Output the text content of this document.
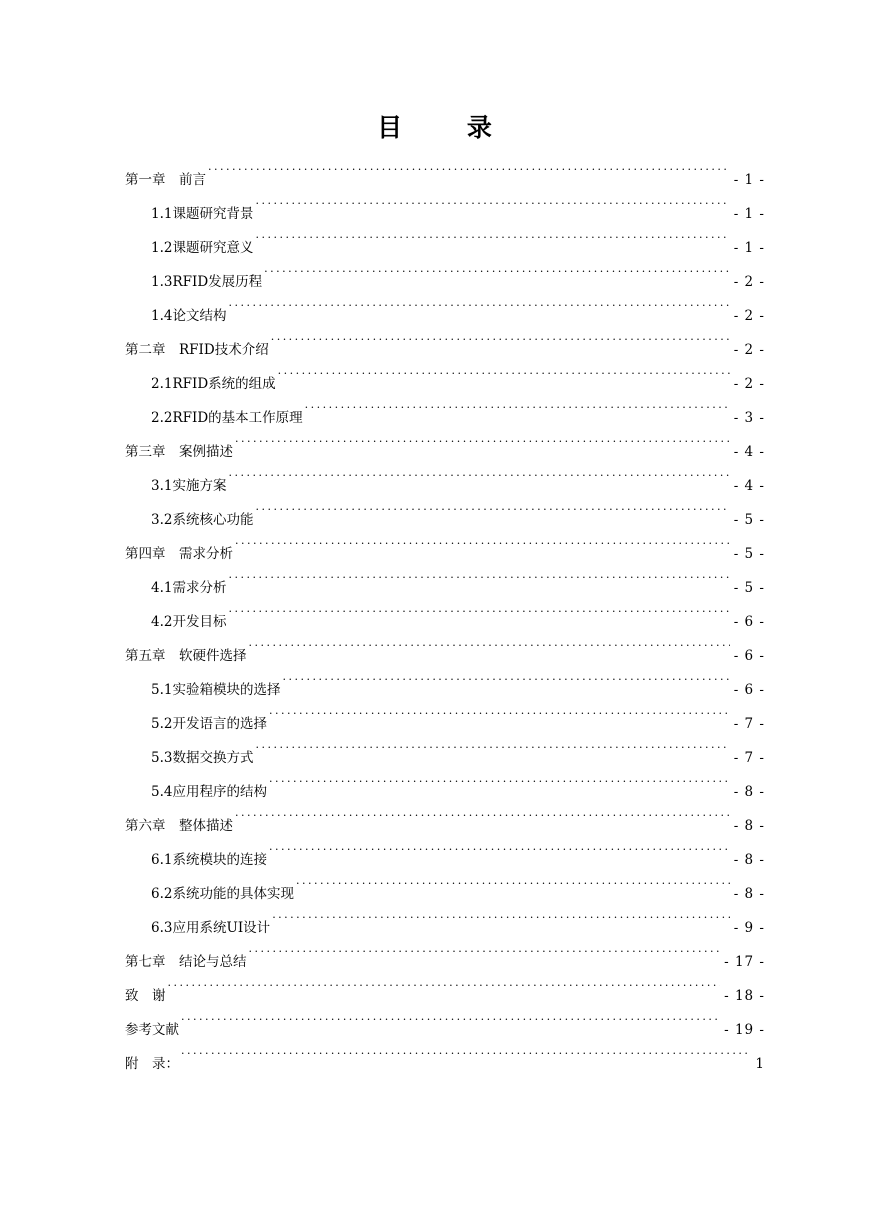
目 录
第一章　前言 . . .	- 1 -
1.1课题研究背景 . . .	- 1 -
1.2课题研究意义 . . .	- 1 -
1.3RFID发展历程 . . .	- 2 -
1.4论文结构 . . .	- 2 -
第二章　RFID技术介绍 . . .	- 2 -
2.1RFID系统的组成 . . .	- 2 -
2.2RFID的基本工作原理 . . .	- 3 -
第三章　案例描述 . . .	- 4 -
3.1实施方案 . . .	- 4 -
3.2系统核心功能 . . .	- 5 -
第四章　需求分析 . . .	- 5 -
4.1需求分析 . . .	- 5 -
4.2开发目标 . . .	- 6 -
第五章　软硬件选择 . . .	- 6 -
5.1实验箱模块的选择 . . .	- 6 -
5.2开发语言的选择 . . .	- 7 -
5.3数据交换方式 . . .	- 7 -
5.4应用程序的结构 . . .	- 8 -
第六章　整体描述 . . .	- 8 -
6.1系统模块的连接 . . .	- 8 -
6.2系统功能的具体实现 . . .	- 8 -
6.3应用系统UI设计 . . .	- 9 -
第七章　结论与总结 . . .	- 17 -
致　谢 . . .	- 18 -
参考文献 . . .	- 19 -
附　录： . . .	1
